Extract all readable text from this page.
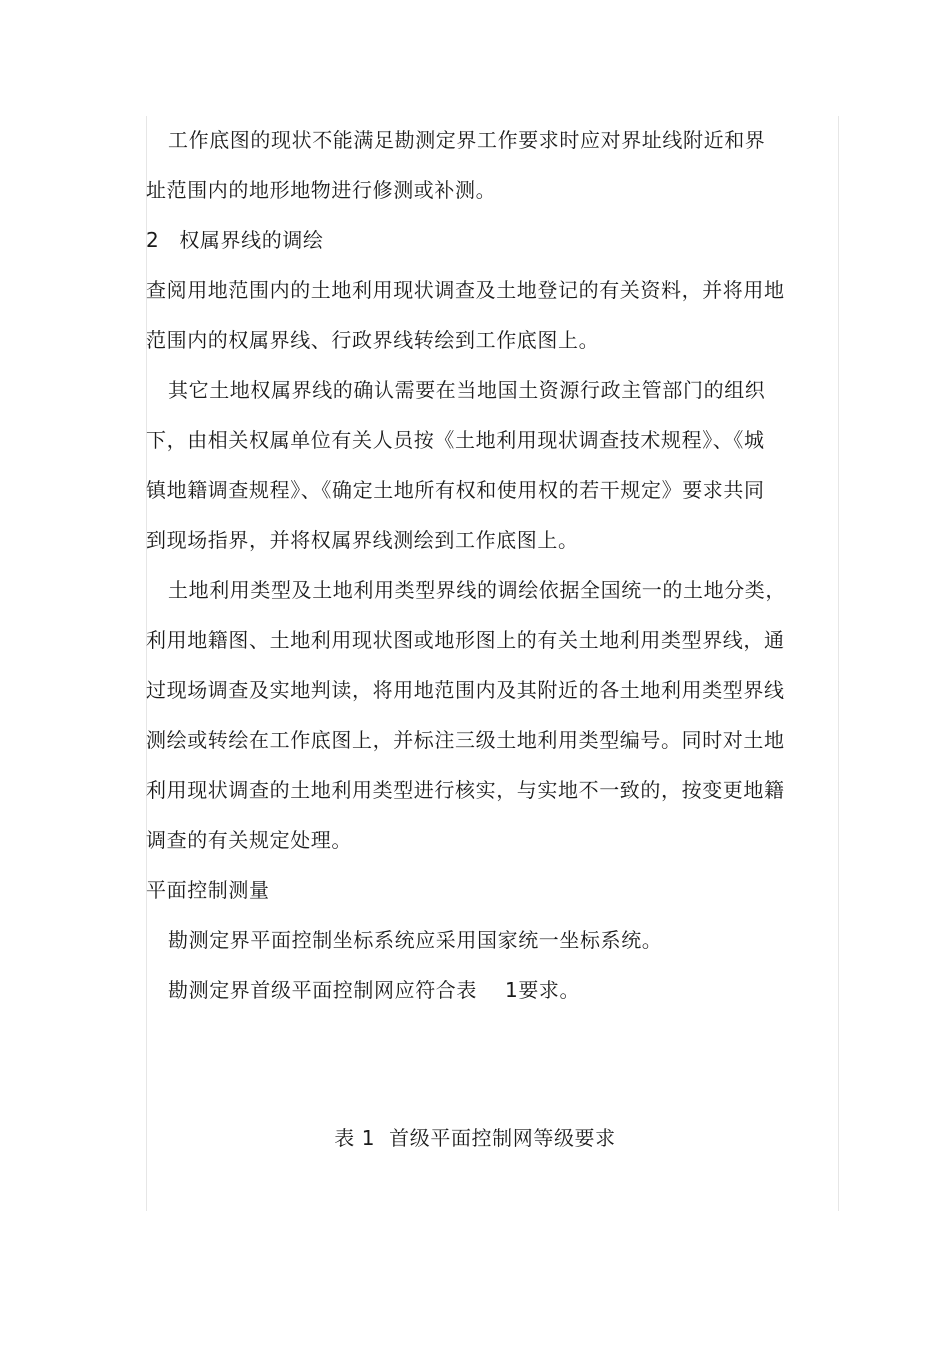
工作底图的现状不能满足勘测定界工作要求时应对界址线附近和界
址范围内的地形地物进行修测或补测。
2 权属界线的调绘
查阅用地范围内的土地利用现状调查及土地登记的有关资料，并将用地
范围内的权属界线、行政界线转绘到工作底图上。
其它土地权属界线的确认需要在当地国土资源行政主管部门的组织
下，由相关权属单位有关人员按《土地利用现状调查技术规程》、《城
镇地籍调查规程》、《确定土地所有权和使用权的若干规定》要求共同
到现场指界，并将权属界线测绘到工作底图上。
土地利用类型及土地利用类型界线的调绘依据全国统一的土地分类，
利用地籍图、土地利用现状图或地形图上的有关土地利用类型界线，通
过现场调查及实地判读，将用地范围内及其附近的各土地利用类型界线
测绘或转绘在工作底图上，并标注三级土地利用类型编号。同时对土地
利用现状调查的土地利用类型进行核实，与实地不一致的，按变更地籍
调查的有关规定处理。
平面控制测量
勘测定界平面控制坐标系统应采用国家统一坐标系统。
勘测定界首级平面控制网应符合表 1要求。
表 1 首级平面控制网等级要求
